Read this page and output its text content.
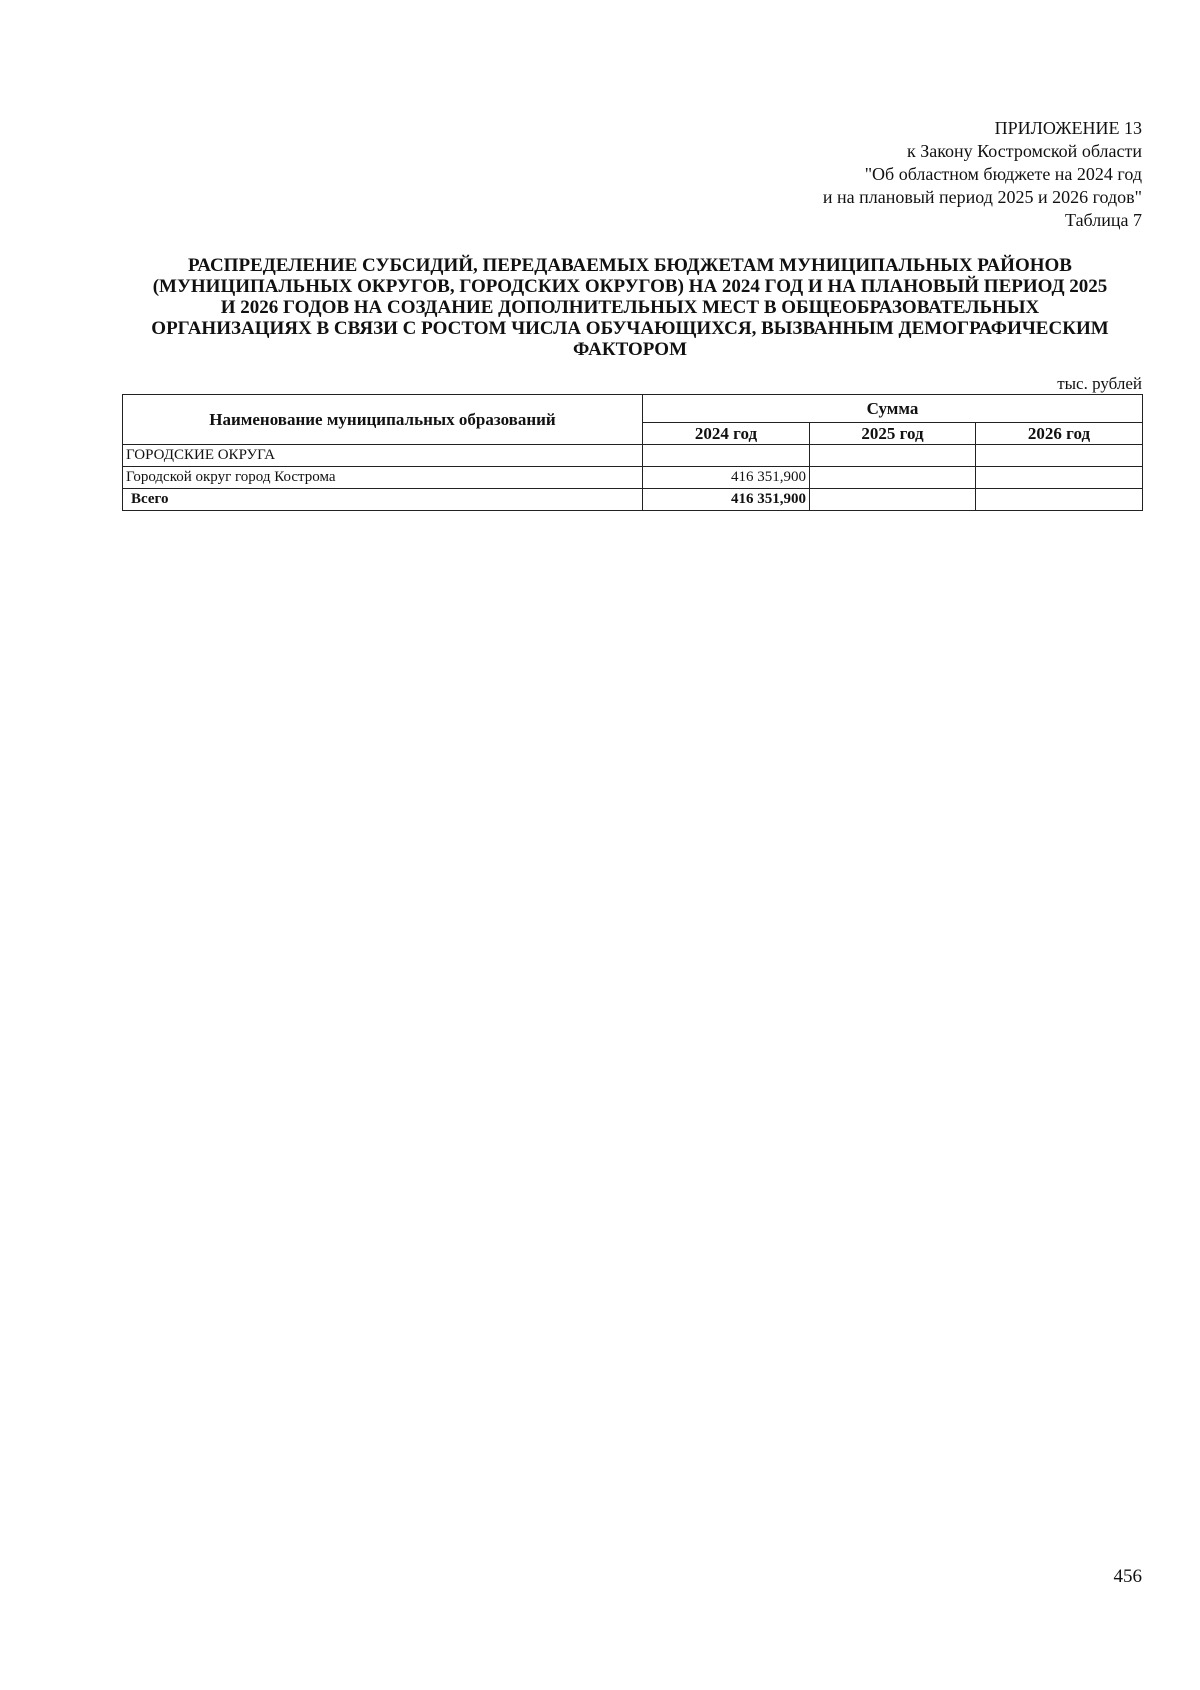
ПРИЛОЖЕНИЕ 13
к Закону Костромской области
"Об областном бюджете на 2024 год
и на плановый период 2025 и 2026 годов"
Таблица 7
РАСПРЕДЕЛЕНИЕ СУБСИДИЙ, ПЕРЕДАВАЕМЫХ БЮДЖЕТАМ МУНИЦИПАЛЬНЫХ РАЙОНОВ
(МУНИЦИПАЛЬНЫХ ОКРУГОВ, ГОРОДСКИХ ОКРУГОВ) НА 2024 ГОД И НА ПЛАНОВЫЙ ПЕРИОД 2025
И 2026 ГОДОВ НА СОЗДАНИЕ ДОПОЛНИТЕЛЬНЫХ МЕСТ В ОБЩЕОБРАЗОВАТЕЛЬНЫХ
ОРГАНИЗАЦИЯХ В СВЯЗИ С РОСТОМ ЧИСЛА ОБУЧАЮЩИХСЯ, ВЫЗВАННЫМ ДЕМОГРАФИЧЕСКИМ
ФАКТОРОМ
тыс. рублей
Наименование муниципальных образований	Сумма		
	2024 год	2025 год	2026 год
ГОРОДСКИЕ ОКРУГА			
Городской округ город Кострома	416 351,900		
Всего	416 351,900		
456
